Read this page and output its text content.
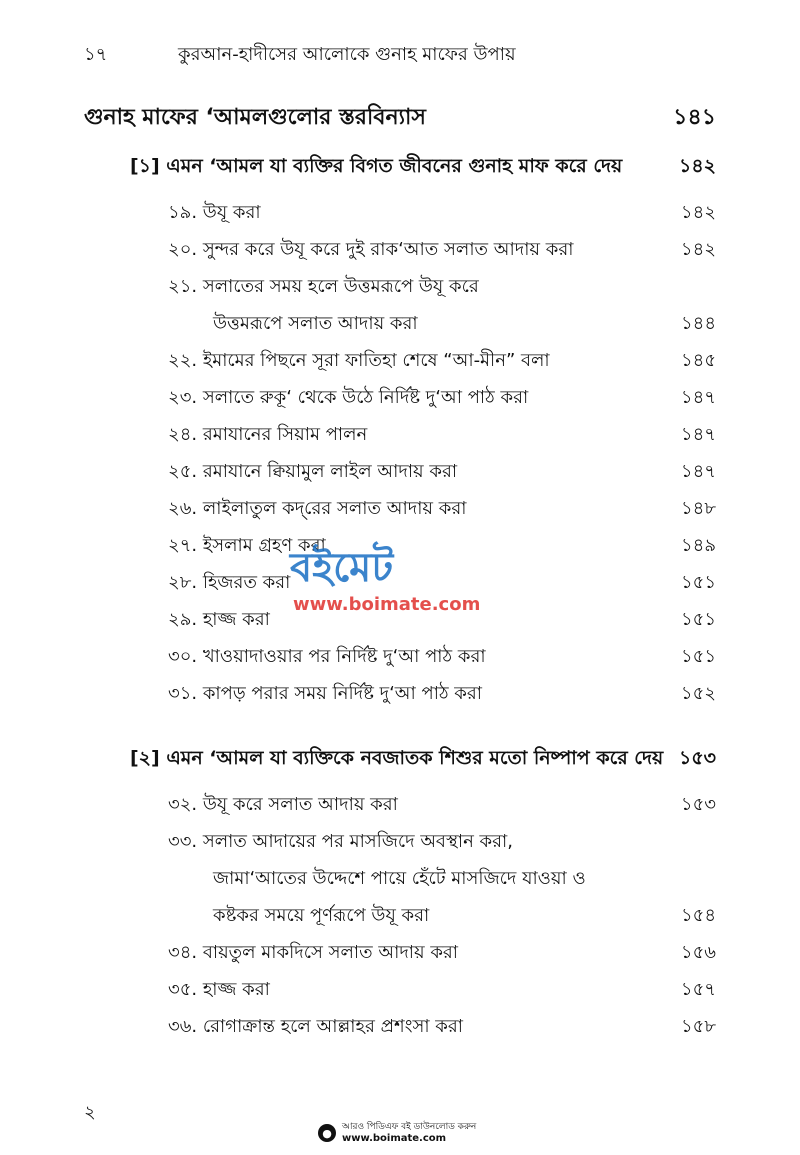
১৭	কুরআন-হাদীসের আলোকে গুনাহ মাফের উপায়
গুনাহ মাফের ‘আমলগুলোর স্তরবিন্যাস	১৪১
[১] এমন ‘আমল যা ব্যক্তির বিগত জীবনের গুনাহ মাফ করে দেয়	১৪২
১৯. উযূ করা	১৪২
২০. সুন্দর করে উযূ করে দুই রাক‘আত সলাত আদায় করা	১৪২
২১. সলাতের সময় হলে উত্তমরূপে উযূ করে
উত্তমরূপে সলাত আদায় করা	১৪৪
২২. ইমামের পিছনে সূরা ফাতিহা শেষে “আ-মীন” বলা	১৪৫
২৩. সলাতে রুকূ‘ থেকে উঠে নির্দিষ্ট দু‘আ পাঠ করা	১৪৭
২৪. রমাযানের সিয়াম পালন	১৪৭
২৫. রমাযানে ক্বিয়ামুল লাইল আদায় করা	১৪৭
২৬. লাইলাতুল কদ্‌রের সলাত আদায় করা	১৪৮
২৭. ইসলাম গ্রহণ করা	১৪৯
২৮. হিজরত করা	১৫১
২৯. হাজ্জ করা	১৫১
৩০. খাওয়াদাওয়ার পর নির্দিষ্ট দু‘আ পাঠ করা	১৫১
৩১. কাপড় পরার সময় নির্দিষ্ট দু‘আ পাঠ করা	১৫২
[২] এমন ‘আমল যা ব্যক্তিকে নবজাতক শিশুর মতো নিষ্পাপ করে দেয় ১৫৩
৩২. উযূ করে সলাত আদায় করা	১৫৩
৩৩. সলাত আদায়ের পর মাসজিদে অবস্থান করা,
জামা‘আতের উদ্দেশে পায়ে হেঁটে মাসজিদে যাওয়া ও
কষ্টকর সময়ে পূর্ণরূপে উযূ করা	১৫৪
৩৪. বায়তুল মাকদিসে সলাত আদায় করা	১৫৬
৩৫. হাজ্জ করা	১৫৭
৩৬. রোগাক্রান্ত হলে আল্লাহর প্রশংসা করা	১৫৮
বইমেট
www.boimate.com
২
●	আরও পিডিএফ বই ডাউনলোড করুন
www.boimate.com
